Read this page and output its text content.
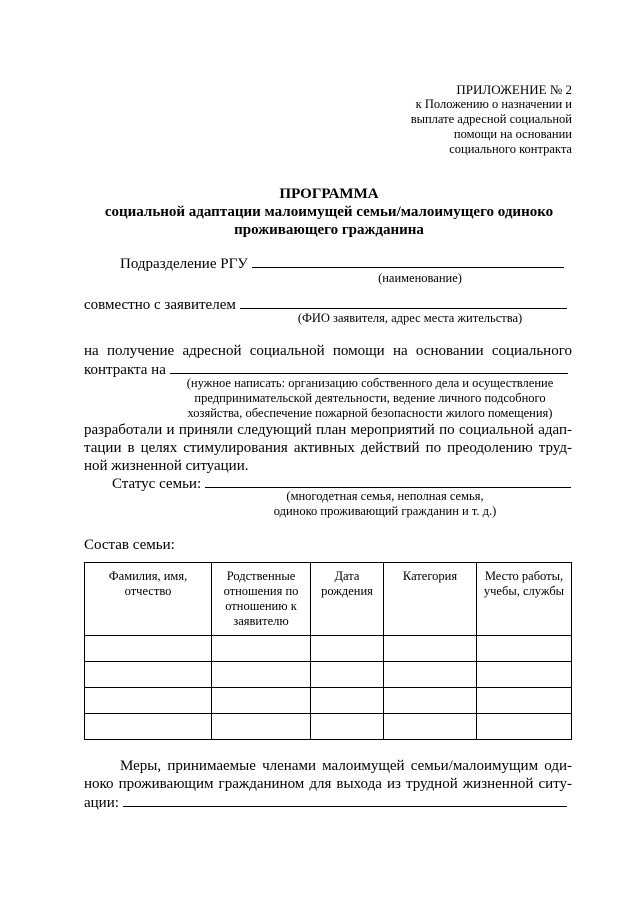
ПРИЛОЖЕНИЕ № 2
к Положению о назначении и
выплате адресной социальной
помощи на основании
социального контракта
ПРОГРАММА
социальной адаптации малоимущей семьи/малоимущего одиноко
проживающего гражданина
Подразделение РГУ
(наименование)
совместно с заявителем
(ФИО заявителя, адрес места жительства)
на получение адресной социальной помощи на основании социального
контракта на
(нужное написать: организацию собственного дела и осуществление
предпринимательской деятельности, ведение личного подсобного
хозяйства, обеспечение пожарной безопасности жилого помещения)
разработали и приняли следующий план мероприятий по социальной адап-
тации в целях стимулирования активных действий по преодолению труд-
ной жизненной ситуации.
Статус семьи:
(многодетная семья, неполная семья,
одиноко проживающий гражданин и т. д.)
Состав семьи:
Фамилия, имя, отчество	Родственные отношения по отношению к заявителю	Дата рождения	Категория	Место работы, учебы, службы

Меры, принимаемые членами малоимущей семьи/малоимущим оди-
ноко проживающим гражданином для выхода из трудной жизненной ситу-
ации:
